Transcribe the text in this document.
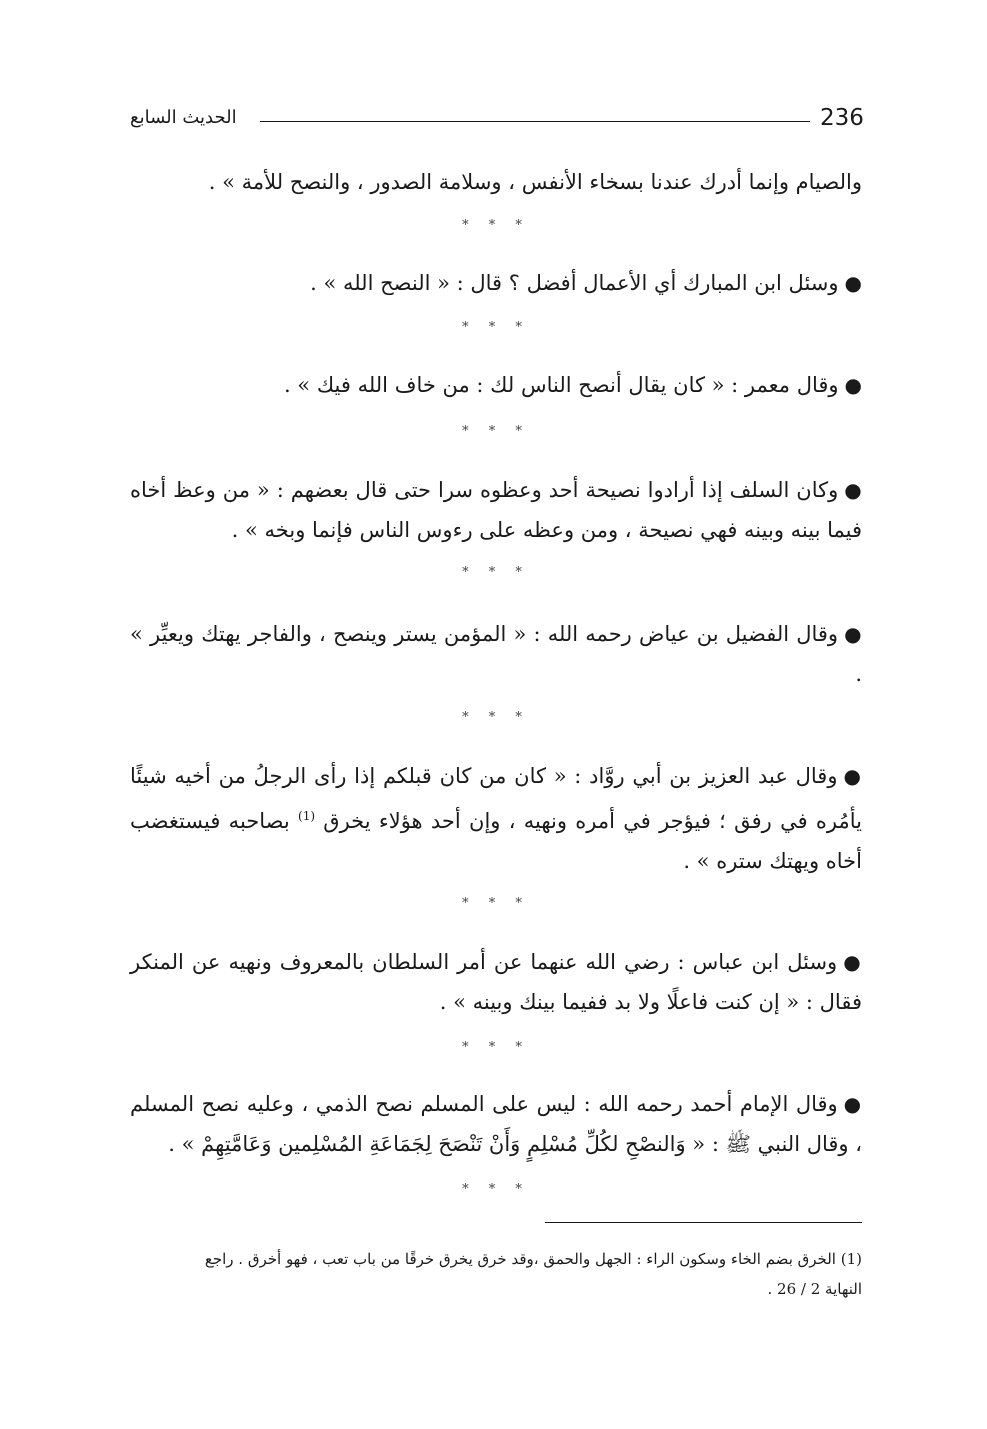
236
الحديث السابع

والصيام وإنما أدرك عندنا بسخاء الأنفس ، وسلامة الصدور ، والنصح للأمة » .

* * *

●وسئل ابن المبارك أي الأعمال أفضل ؟ قال : « النصح الله » .

* * *

●وقال معمر : « كان يقال أنصح الناس لك : من خاف الله فيك » .

* * *

●وكان السلف إذا أرادوا نصيحة أحد وعظوه سرا حتى قال بعضهم : « من وعظ أخاه فيما بينه وبينه فهي نصيحة ، ومن وعظه على رءوس الناس فإنما وبخه » .

* * *

●وقال الفضيل بن عياض رحمه الله : « المؤمن يستر وينصح ، والفاجر يهتك ويعيِّر » .

* * *

●وقال عبد العزيز بن أبي روَّاد : « كان من كان قبلكم إذا رأى الرجلُ من أخيه شيئًا يأمُره في رفق ؛ فيؤجر في أمره ونهيه ، وإن أحد هؤلاء يخرق $^{(1)}$ بصاحبه فيستغضب أخاه ويهتك ستره » .

* * *

●وسئل ابن عباس : رضي الله عنهما عن أمر السلطان بالمعروف ونهيه عن المنكر فقال : « إن كنت فاعلًا ولا بد ففيما بينك وبينه » .

* * *

●وقال الإمام أحمد رحمه الله : ليس على المسلم نصح الذمي ، وعليه نصح المسلم ، وقال النبي ﷺ : « وَالنصْحِ لكُلِّ مُسْلِمٍ وَأَنْ تَنْصَحَ لِجَمَاعَةِ المُسْلِمين وَعَامَّتِهِمْ » .

* * *

(1) الخرق بضم الخاء وسكون الراء : الجهل والحمق ،وقد خرق يخرق خرقًا من باب تعب ، فهو أخرق . راجع

النهاية 2 / 26 .
